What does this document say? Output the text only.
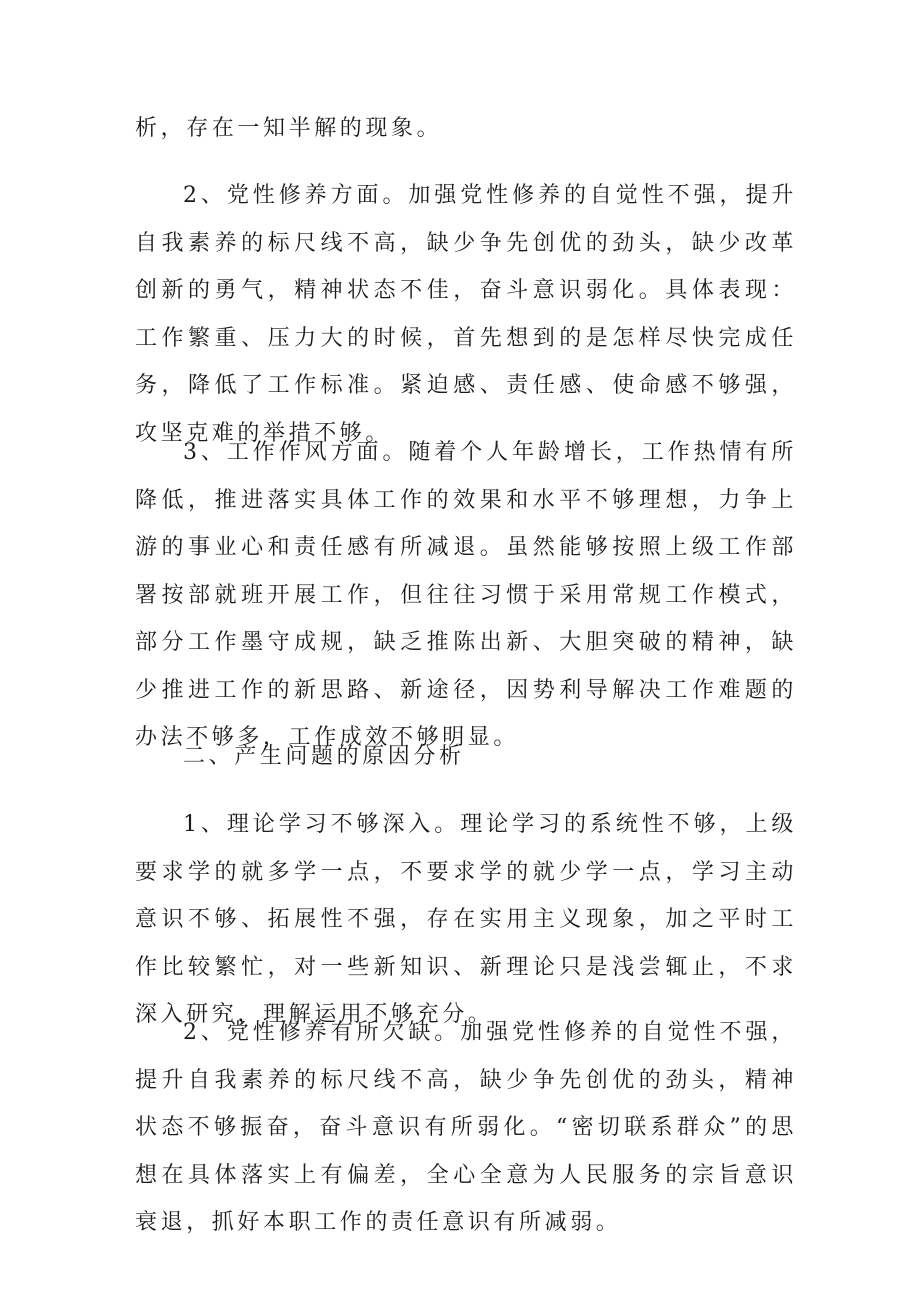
析，存在一知半解的现象。

2、党性修养方面。加强党性修养的自觉性不强，提升自我素养的标尺线不高，缺少争先创优的劲头，缺少改革创新的勇气，精神状态不佳，奋斗意识弱化。具体表现：工作繁重、压力大的时候，首先想到的是怎样尽快完成任务，降低了工作标准。紧迫感、责任感、使命感不够强，攻坚克难的举措不够。

3、工作作风方面。随着个人年龄增长，工作热情有所降低，推进落实具体工作的效果和水平不够理想，力争上游的事业心和责任感有所减退。虽然能够按照上级工作部署按部就班开展工作，但往往习惯于采用常规工作模式，部分工作墨守成规，缺乏推陈出新、大胆突破的精神，缺少推进工作的新思路、新途径，因势利导解决工作难题的办法不够多，工作成效不够明显。

二、产生问题的原因分析

1、理论学习不够深入。理论学习的系统性不够，上级要求学的就多学一点，不要求学的就少学一点，学习主动意识不够、拓展性不强，存在实用主义现象，加之平时工作比较繁忙，对一些新知识、新理论只是浅尝辄止，不求深入研究，理解运用不够充分。

2、党性修养有所欠缺。加强党性修养的自觉性不强，提升自我素养的标尺线不高，缺少争先创优的劲头，精神状态不够振奋，奋斗意识有所弱化。“密切联系群众”的思想在具体落实上有偏差，全心全意为人民服务的宗旨意识衰退，抓好本职工作的责任意识有所减弱。
